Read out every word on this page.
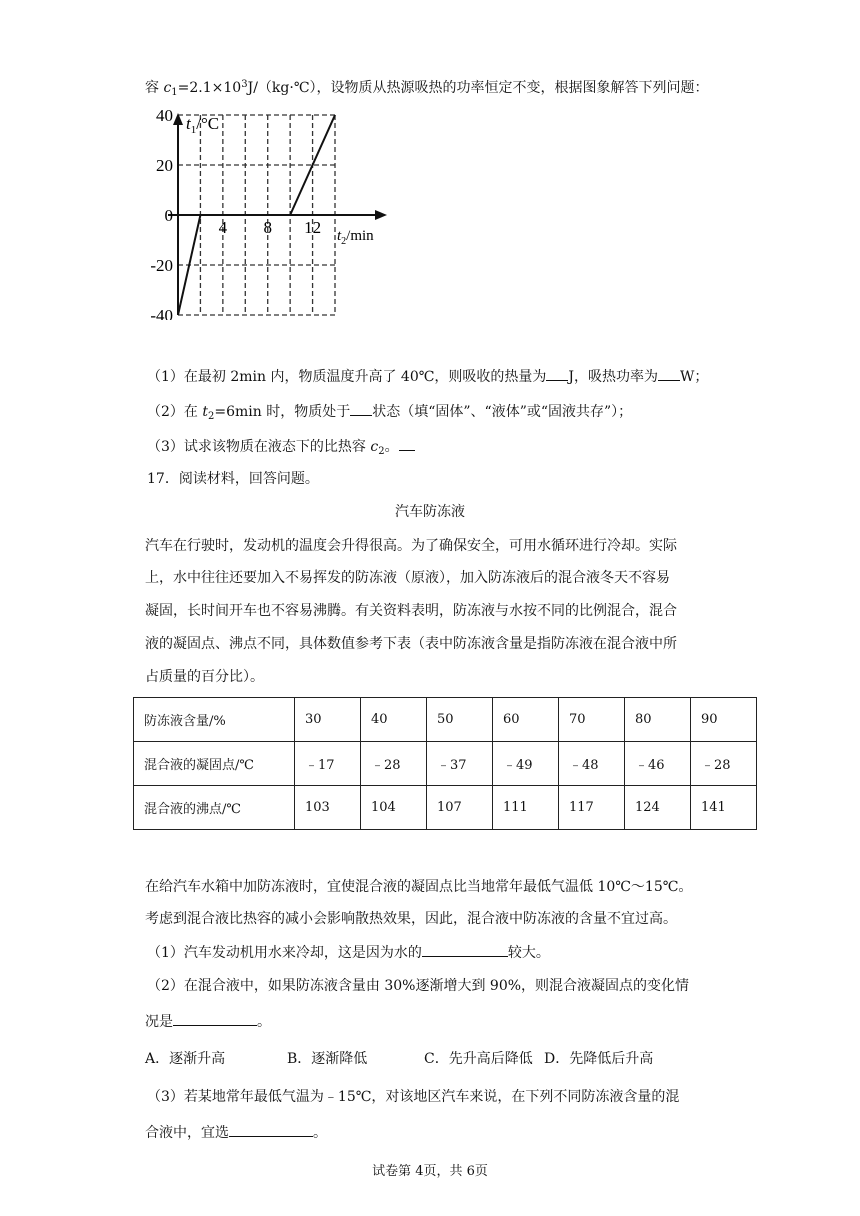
容 $c_1=2.1\times 10^3J/(kg\cdot℃)$，设物质从热源吸热的功率恒定不变，根据图象解答下列问题：
$t_1/^\circ C$
$t_2/\min$
40
20
0
-20
-40
4 8 12
（1）在最初 2min 内，物质温度升高了 40℃，则吸收的热量为 J，吸热功率为 W；
（2）在 $t_2=6\min$ 时，物质处于 状态（填“固体”、“液体”或“固液共存”）；
（3）试求该物质在液态下的比热容 $c_2$。
17．阅读材料，回答问题。
汽车防冻液
汽车在行驶时，发动机的温度会升得很高。为了确保安全，可用水循环进行冷却。实际
上，水中往往还要加入不易挥发的防冻液（原液），加入防冻液后的混合液冬天不容易
凝固，长时间开车也不容易沸腾。有关资料表明，防冻液与水按不同的比例混合，混合
液的凝固点、沸点不同，具体数值参考下表（表中防冻液含量是指防冻液在混合液中所
占质量的百分比）。
防冻液含量/%	30	40	50	60	70	80	90
混合液的凝固点/℃	﹣17	﹣28	﹣37	﹣49	﹣48	﹣46	﹣28
混合液的沸点/℃	103	104	107	111	117	124	141
在给汽车水箱中加防冻液时，宜使混合液的凝固点比当地常年最低气温低 10℃～15℃。
考虑到混合液比热容的减小会影响散热效果，因此，混合液中防冻液的含量不宜过高。
（1）汽车发动机用水来冷却，这是因为水的	较大。
（2）在混合液中，如果防冻液含量由 30%逐渐增大到 90%，则混合液凝固点的变化情
况是	。
A．逐渐升高	B．逐渐降低	C．先升高后降低 D．先降低后升高
（3）若某地常年最低气温为﹣15℃，对该地区汽车来说，在下列不同防冻液含量的混
合液中，宜选	。
试卷第 4页，共 6页
